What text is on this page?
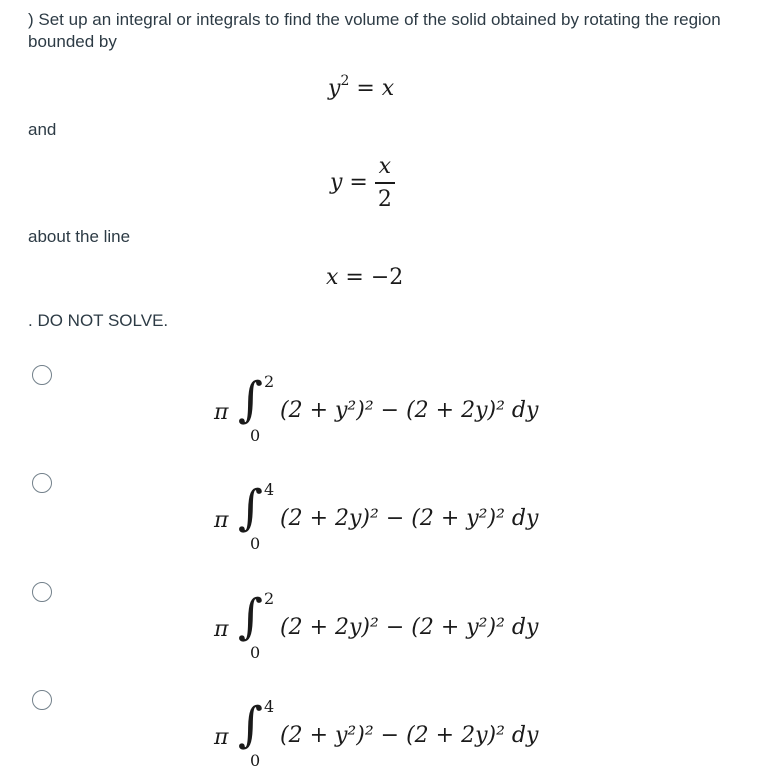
) Set up an integral or integrals to find the volume of the solid obtained by rotating the region bounded by
$y^2 = x$
and
$y = \frac{x}{2}$
about the line
x = −2
. DO NOT SOLVE.
π ∫ 2
0
(2 + y²)² − (2 + 2y)² dy
π ∫ 4
0
(2 + 2y)² − (2 + y²)² dy
π ∫ 2
0
(2 + 2y)² − (2 + y²)² dy
π ∫ 4
0
(2 + y²)² − (2 + 2y)² dy
